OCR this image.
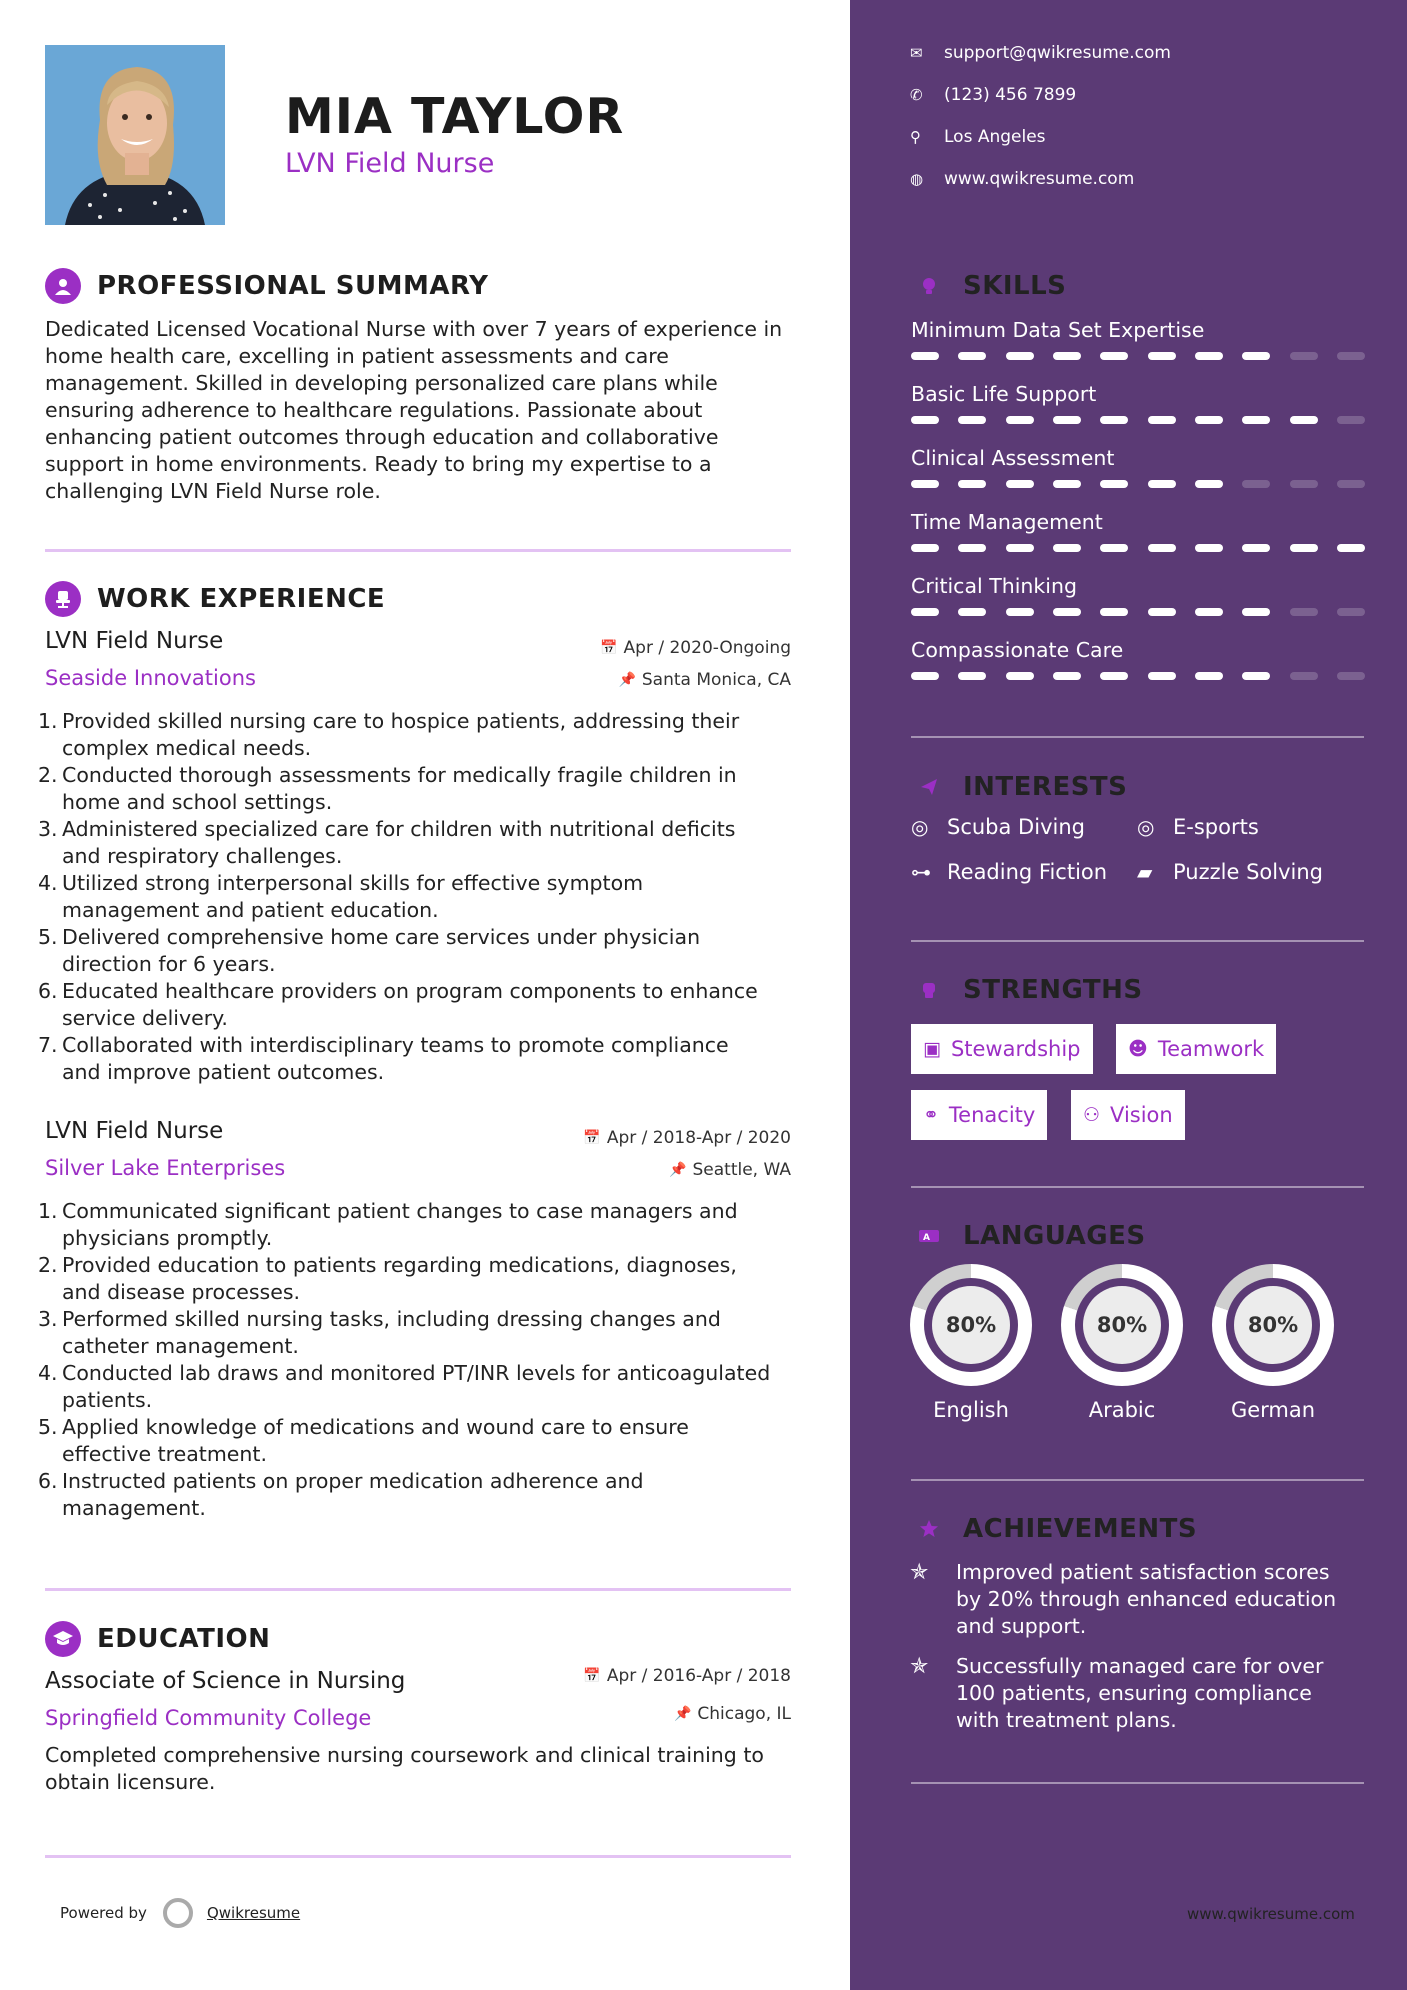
MIA TAYLOR
LVN Field Nurse
PROFESSIONAL SUMMARY
Dedicated Licensed Vocational Nurse with over 7 years of experience in
home health care, excelling in patient assessments and care
management. Skilled in developing personalized care plans while
ensuring adherence to healthcare regulations. Passionate about
enhancing patient outcomes through education and collaborative
support in home environments. Ready to bring my expertise to a
challenging LVN Field Nurse role.
WORK EXPERIENCE
LVN Field Nurse	📅 Apr / 2020-Ongoing
Seaside Innovations	📌 Santa Monica, CA
1. Provided skilled nursing care to hospice patients, addressing their
complex medical needs.
2. Conducted thorough assessments for medically fragile children in
home and school settings.
3. Administered specialized care for children with nutritional deficits
and respiratory challenges.
4. Utilized strong interpersonal skills for effective symptom
management and patient education.
5. Delivered comprehensive home care services under physician
direction for 6 years.
6. Educated healthcare providers on program components to enhance
service delivery.
7. Collaborated with interdisciplinary teams to promote compliance
and improve patient outcomes.
LVN Field Nurse	📅 Apr / 2018-Apr / 2020
Silver Lake Enterprises	📌 Seattle, WA
1. Communicated significant patient changes to case managers and
physicians promptly.
2. Provided education to patients regarding medications, diagnoses,
and disease processes.
3. Performed skilled nursing tasks, including dressing changes and
catheter management.
4. Conducted lab draws and monitored PT/INR levels for anticoagulated
patients.
5. Applied knowledge of medications and wound care to ensure
effective treatment.
6. Instructed patients on proper medication adherence and
management.
EDUCATION
Associate of Science in Nursing	📅 Apr / 2016-Apr / 2018
Springfield Community College	📌 Chicago, IL
Completed comprehensive nursing coursework and clinical training to
obtain licensure.
Powered by	Qwikresume
✉	support@qwikresume.com
✆	(123) 456 7899
⚲	Los Angeles
◍	www.qwikresume.com
SKILLS
Minimum Data Set Expertise
Basic Life Support
Clinical Assessment
Time Management
Critical Thinking
Compassionate Care
INTERESTS
◎ Scuba Diving	◎ E-sports
⊶ Reading Fiction ▰ Puzzle Solving
STRENGTHS
▣ Stewardship	☻ Teamwork
⚭ Tenacity	⚇ Vision
A LANGUAGES
80%
English
80%
Arabic
80%
German
ACHIEVEMENTS
✯	Improved patient satisfaction scores
by 20% through enhanced education
and support.
✯	Successfully managed care for over
100 patients, ensuring compliance
with treatment plans.
www.qwikresume.com
